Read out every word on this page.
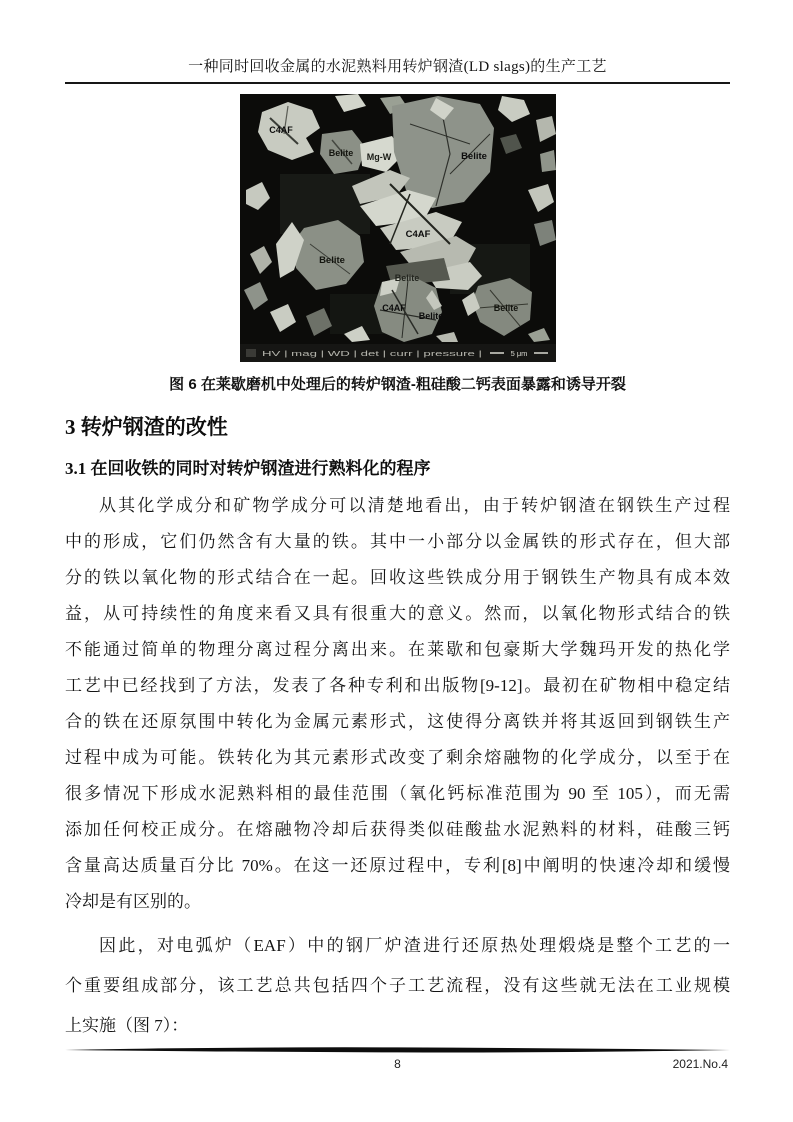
一种同时回收金属的水泥熟料用转炉钢渣(LD slags)的生产工艺
C4AF
Belite Mg-W	Belite
C4AF
Belite
Belite
C4AF
Belite
Belite
HV | mag | WD | det | curr | pressure |	5 μm
图 6 在莱歇磨机中处理后的转炉钢渣-粗硅酸二钙表面暴露和诱导开裂
3 转炉钢渣的改性
3.1 在回收铁的同时对转炉钢渣进行熟料化的程序
从其化学成分和矿物学成分可以清楚地看出，由于转炉钢渣在钢铁生产过程
中的形成，它们仍然含有大量的铁。其中一小部分以金属铁的形式存在，但大部
分的铁以氧化物的形式结合在一起。回收这些铁成分用于钢铁生产物具有成本效
益，从可持续性的角度来看又具有很重大的意义。然而，以氧化物形式结合的铁
不能通过简单的物理分离过程分离出来。在莱歇和包豪斯大学魏玛开发的热化学
工艺中已经找到了方法，发表了各种专利和出版物[9-12]。最初在矿物相中稳定结
合的铁在还原氛围中转化为金属元素形式，这使得分离铁并将其返回到钢铁生产
过程中成为可能。铁转化为其元素形式改变了剩余熔融物的化学成分，以至于在
很多情况下形成水泥熟料相的最佳范围（氧化钙标准范围为 90 至 105），而无需
添加任何校正成分。在熔融物冷却后获得类似硅酸盐水泥熟料的材料，硅酸三钙
含量高达质量百分比 70%。在这一还原过程中，专利[8]中阐明的快速冷却和缓慢
冷却是有区别的。
因此，对电弧炉（EAF）中的钢厂炉渣进行还原热处理煅烧是整个工艺的一
个重要组成部分，该工艺总共包括四个子工艺流程，没有这些就无法在工业规模
上实施（图 7）：
8	2021.No.4
